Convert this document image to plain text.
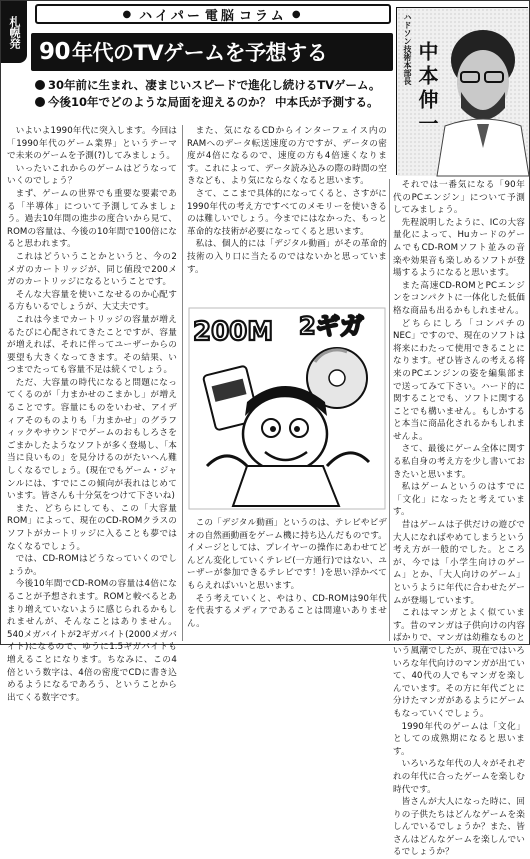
札幌発
● ハイパー 電脳 コラム ●
90 年代のTVゲームを予想する
30年前に生まれ、凄まじいスピードで進化し続けるTVゲーム。
今後10年でどのような局面を迎えるのか？ 中本氏が予測する。
ハドソン技術本部長 中本伸一

いよいよ1990年代に突入します。今回は「1990年代のゲーム業界」というテーマで未来のゲームを予測(?)してみましょう。

いったいこれからのゲームはどうなっていくのでしょう？

まず、ゲームの世界でも重要な要素である「半導体」について予測してみましょう。過去10年間の進歩の度合いから見て、ROMの容量は、今後の10年間で100倍になると思われます。

これはどういうことかというと、今の2メガのカートリッジが、同じ値段で200メガのカートリッジになるということです。

そんな大容量を使いこなせるのか心配する方もいるでしょうが、大丈夫です。

これは今までカートリッジの容量が増えるたびに心配されてきたことですが、容量が増えれば、それに伴ってユーザーからの要望も大きくなってきます。その結果、いつまでたっても容量不足は続くでしょう。

ただ、大容量の時代になると問題になってくるのが「力まかせのこまかし」が増えることです。容量にものをいわせ、アイディアそのものよりも「力まかせ」のグラフィックやサウンドでゲームのおもしろさをごまかしたようなソフトが多く登場し、「本当に良いもの」を見分けるのがたいへん難しくなるでしょう。(現在でもゲーム・ジャンルには、すでにこの傾向が表れはじめています。皆さんも十分気をつけて下さいね)

また、どちらにしても、この「大容量ROM」によって、現在のCD-ROMクラスのソフトがカートリッジに入ることも夢ではなくなるでしょう。

では、CD-ROMはどうなっていくのでしょうか。

今後10年間でCD-ROMの容量は4倍になることが予想されます。ROMと較べるとあまり増えていないように感じられるかもしれませんが、そんなことはありません。540メガバイトが2ギガバイト(2000メガバイト)になるので、ゆうに1.5ギガバイトも増えることになります。ちなみに、この4倍という数字は、4倍の密度でCDに書き込めるようになるであろう、ということから出てくる数字です。

また、気になるCDからインターフェイス内のRAMへのデータ転送速度の方ですが、データの密度が4倍になるので、速度の方も4倍速くなります。これによって、データ読み込みの際の時間の空きなども、より気にならなくなると思います。

さて、ここまで具体的になってくると、さすがに1990年代の考え方ですべてのメモリーを使いきるのは難しいでしょう。今までにはなかった、もっと革命的な技術が必要になってくると思います。

私は、個人的には「デジタル動画」がその革命的技術の入り口に当たるのではないかと思っています。

200M 2ギガ

この「デジタル動画」というのは、テレビやビデオの自然画動画をゲーム機に持ち込んだものです。イメージとしては、プレイヤーの操作にあわせてどんどん変化していくテレビ(一方通行)ではない、ユーザーが参加できるテレビです！)を思い浮かべてもらえればいいと思います。

そう考えていくと、やはり、CD-ROMは90年代を代表するメディアであることは間違いありません。

それでは一番気になる「90年代のPCエンジン」について予測してみましょう。

先程説明したように、ICの大容量化によって、HuカードのゲームでもCD-ROMソフト並みの音楽や効果音も楽しめるソフトが登場するようになると思います。

また高速CD-ROMとPCエンジンをコンパクトに一体化した低価格な商品も出るかもしれません。

どちらにしろ「コンパチのNEC」ですので、現在のソフトは将来にわたって使用できることになります。ぜひ皆さんの考える将来のPCエンジンの姿を編集部まで送ってみて下さい。ハード的に関することでも、ソフトに関することでも構いません。もしかすると本当に商品化されるかもしれませんよ。

さて、最後にゲーム全体に関する私自身の考え方を少し書いておきたいと思います。

私はゲームというのはすでに「文化」になったと考えています。

昔はゲームは子供だけの遊びで大人になればやめてしまうという考え方が一般的でした。ところが、今では「小学生向けのゲーム」とか、「大人向けのゲーム」というように年代に合わせたゲームが登場しています。

これはマンガとよく似ています。昔のマンガは子供向けの内容ばかりで、マンガは幼稚なものという風潮でしたが、現在ではいろいろな年代向けのマンガが出ていて、40代の人でもマンガを楽しんでいます。その方に年代ごとに分けたマンガがあるようにゲームもなっていくでしょう。

1990年代のゲームは「文化」としての成熟期になると思います。

いろいろな年代の人々がそれぞれの年代に合ったゲームを楽しむ時代です。

皆さんが大人になった時に、回りの子供たちはどんなゲームを楽しんでいるでしょうか？また、皆さんはどんなゲームを楽しんでいるでしょうか？
